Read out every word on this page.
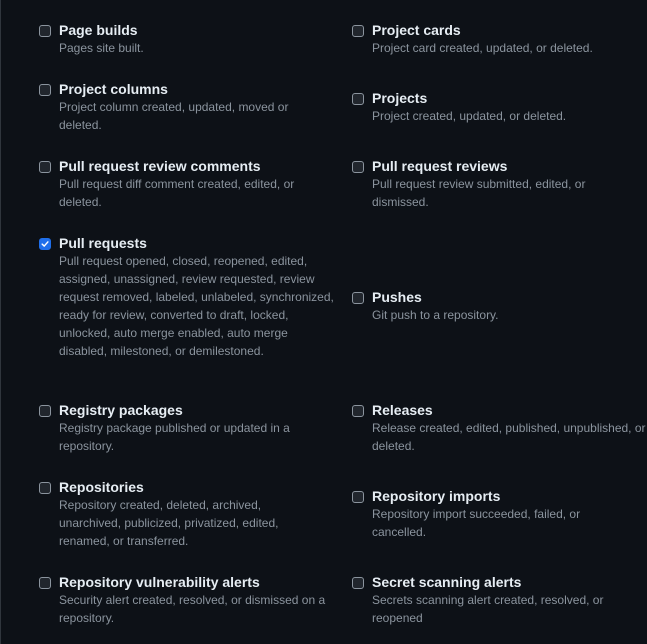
Page builds
Pages site built.
Project cards
Project card created, updated, or deleted.
Project columns
Project column created, updated, moved or deleted.
Projects
Project created, updated, or deleted.
Pull request review comments
Pull request diff comment created, edited, or deleted.
Pull request reviews
Pull request review submitted, edited, or dismissed.
Pull requests
Pull request opened, closed, reopened, edited, assigned, unassigned, review requested, review request removed, labeled, unlabeled, synchronized, ready for review, converted to draft, locked, unlocked, auto merge enabled, auto merge disabled, milestoned, or demilestoned.
Pushes
Git push to a repository.
Registry packages
Registry package published or updated in a repository.
Releases
Release created, edited, published, unpublished, or deleted.
Repositories
Repository created, deleted, archived, unarchived, publicized, privatized, edited, renamed, or transferred.
Repository imports
Repository import succeeded, failed, or cancelled.
Repository vulnerability alerts
Security alert created, resolved, or dismissed on a repository.
Secret scanning alerts
Secrets scanning alert created, resolved, or reopened
